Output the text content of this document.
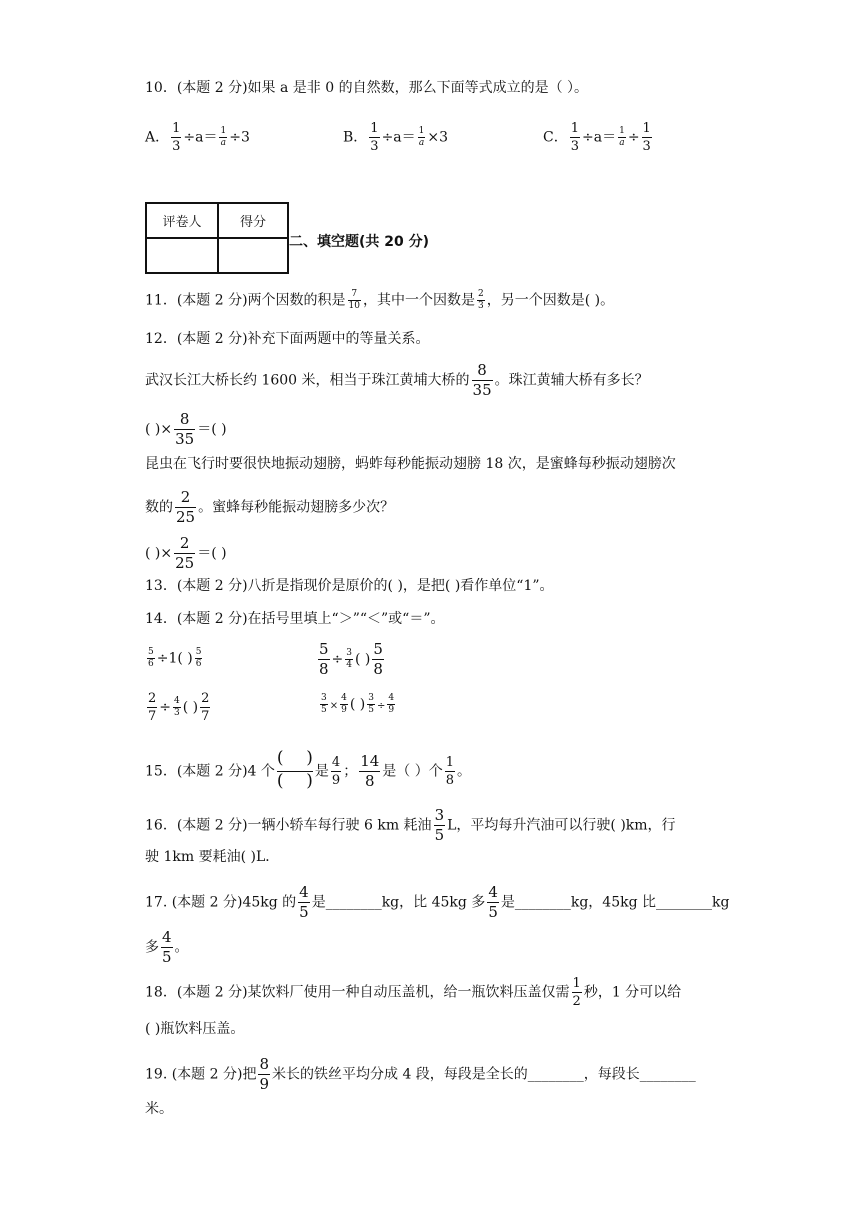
10．(本题 2 分)如果 a 是非 0 的自然数，那么下面等式成立的是（ ）。
A． $\frac{1}{3} \div a= \frac{1}{a} \div 3$	B． $\frac{1}{3} \div a= \frac{1}{a} \times 3$	C． $\frac{1}{3} \div a= \frac{1}{a} \div \frac{1}{3}$
评卷人	得分

二、填空题(共 20 分)
11．(本题 2 分)两个因数的积是 $\frac{7}{10}$ ，其中一个因数是 $\frac{2}{3}$ ，另一个因数是( )。
12．(本题 2 分)补充下面两题中的等量关系。
武汉长江大桥长约 1600 米，相当于珠江黄埔大桥的 $\frac{8}{35}$ 。珠江黄辅大桥有多长？
( )× $\frac{8}{35}$ ＝( )
昆虫在飞行时要很快地振动翅膀，蚂蚱每秒能振动翅膀 18 次，是蜜蜂每秒振动翅膀次
数的 $\frac{2}{25}$ 。蜜蜂每秒能振动翅膀多少次？
( )× $\frac{2}{25}$ ＝( )
13．(本题 2 分)八折是指现价是原价的( )，是把( )看作单位“1”。
14．(本题 2 分)在括号里填上“＞”“＜”或“＝”。
$\frac{5}{6} \div 1$( ) $\frac{5}{6}$	$\frac{5}{8} \div \frac{3}{4}$ ( ) $\frac{5}{8}$
$\frac{2}{7} \div \frac{4}{3}$ ( ) $\frac{2}{7}$	$\frac{3}{5} \times \frac{4}{9}$ ( ) $\frac{3}{5} \div \frac{4}{9}$
15．(本题 2 分)4 个
( )
( )	是 $\frac{4}{9}$ ； $\frac{14}{8}$ 是（ ）个 $\frac{1}{8}$ 。
16．(本题 2 分)一辆小轿车每行驶 6 km 耗油 $\frac{3}{5}$ L，平均每升汽油可以行驶( )km，行
驶 1km 要耗油( )L．
17. (本题 2 分)45kg 的 $\frac{4}{5}$ 是________kg，比 45kg 多 $\frac{4}{5}$ 是________kg，45kg 比________kg
多 $\frac{4}{5}$ 。
18．(本题 2 分)某饮料厂使用一种自动压盖机，给一瓶饮料压盖仅需 $\frac{1}{2}$ 秒，1 分可以给
( )瓶饮料压盖。
19. (本题 2 分)把 $\frac{8}{9}$ 米长的铁丝平均分成 4 段，每段是全长的________，每段长________
米。
